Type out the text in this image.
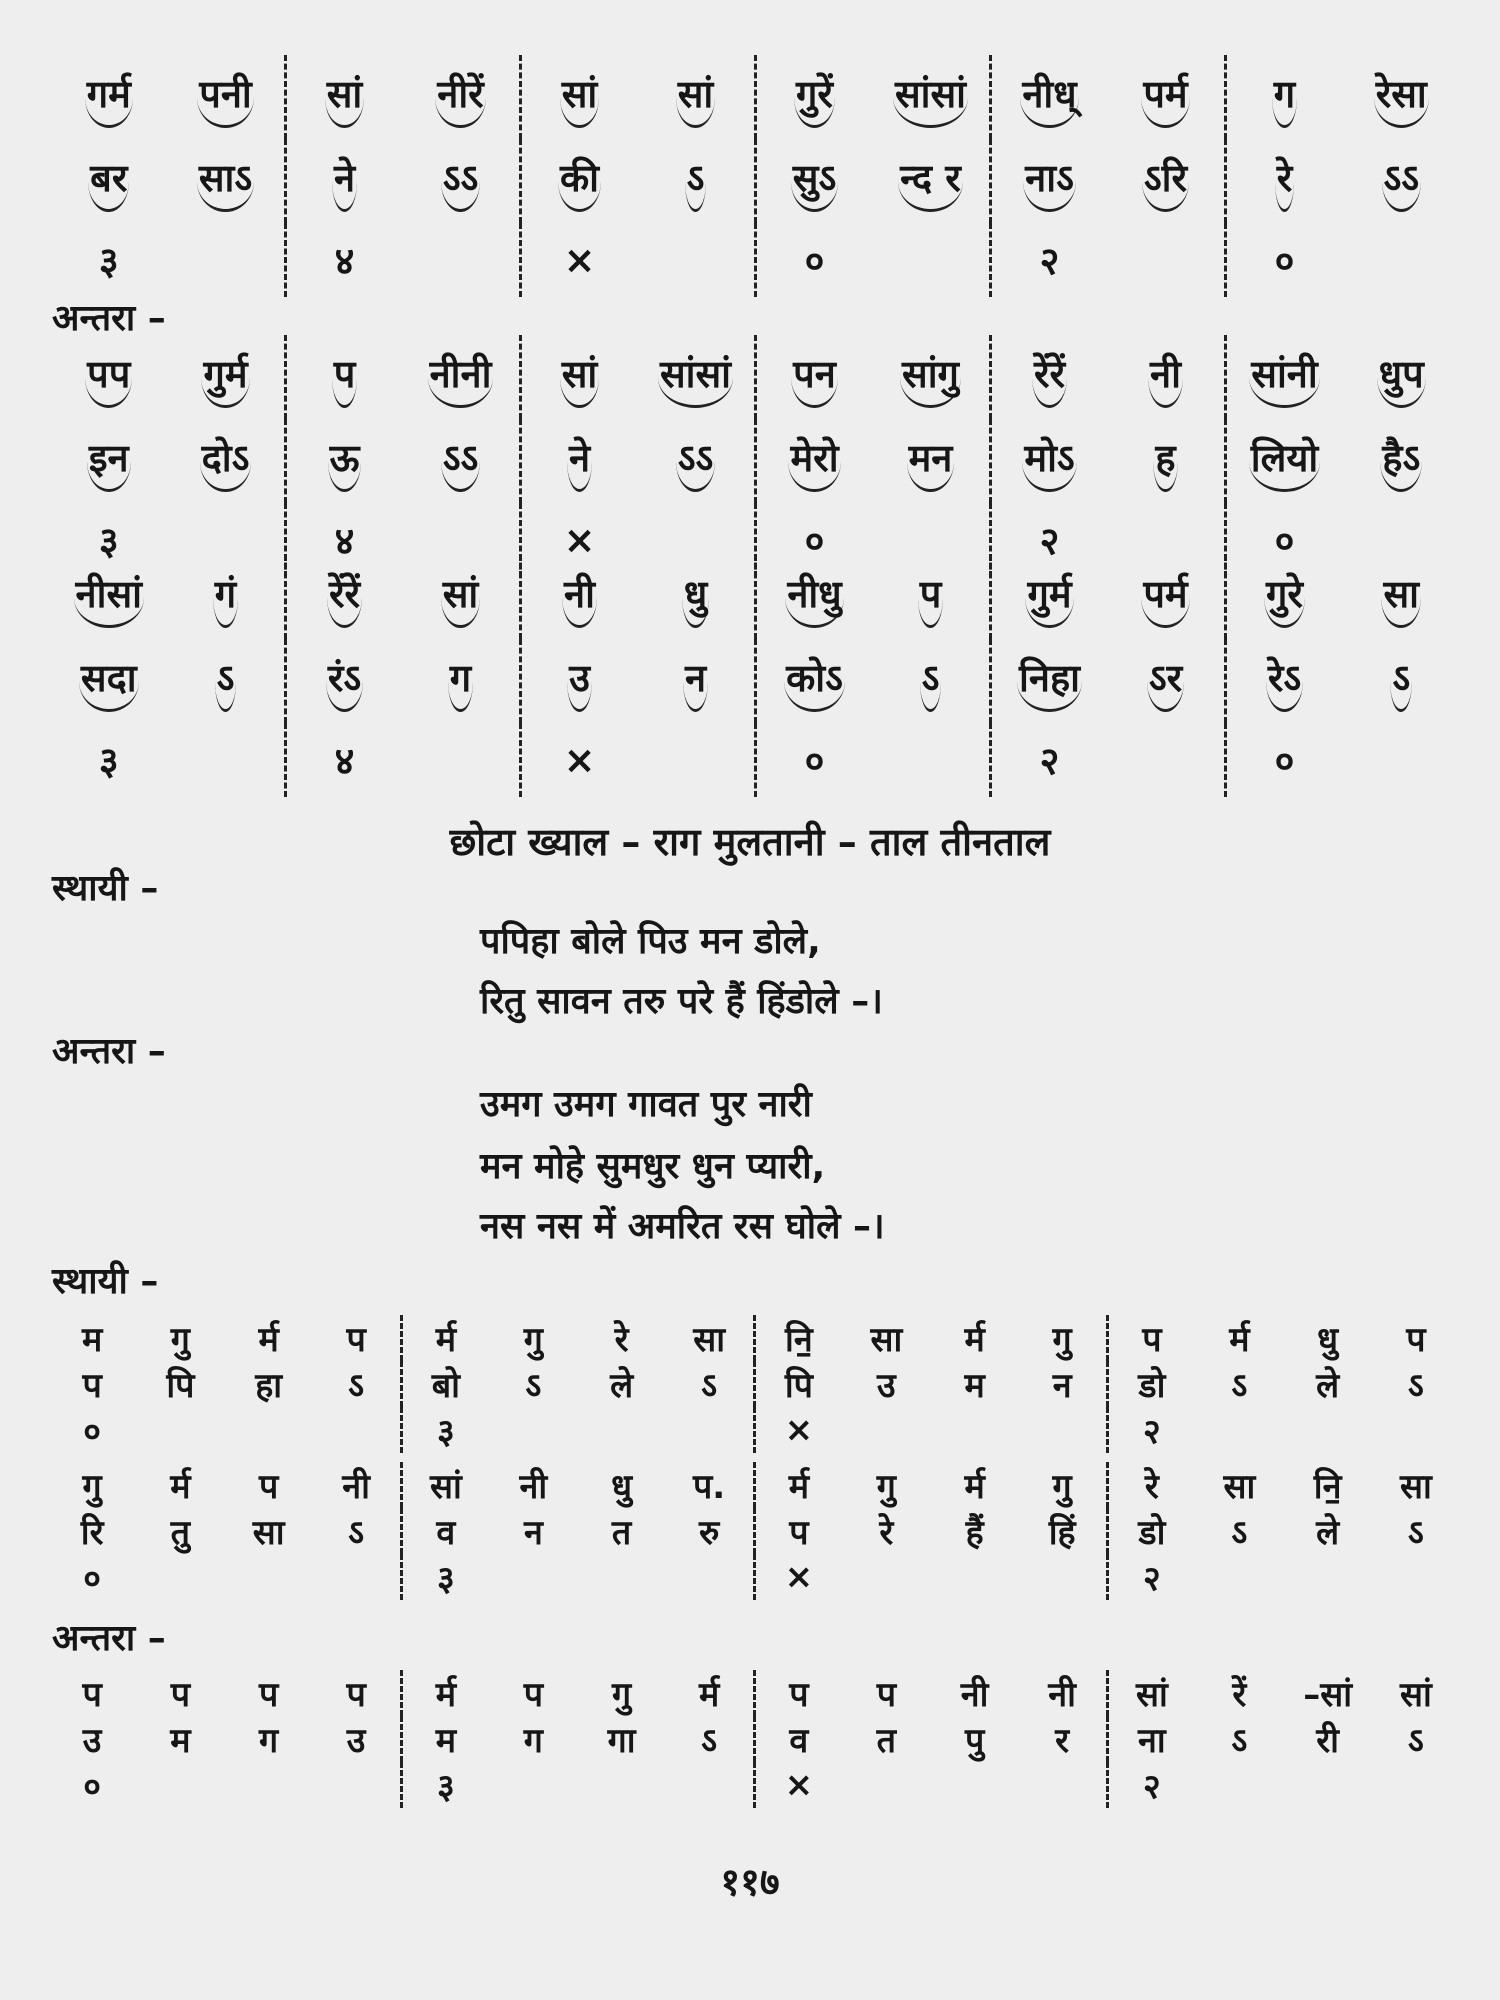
गर्म	पनी	सां	नीरें	सां	सां	गुरें	सांसां	नीध्	पर्म	ग	रेसा
बर	साऽ	ने	ऽऽ	की	ऽ	सुऽ	न्द र	नाऽ	ऽरि	रे	ऽऽ
३		४		×		०		२		०	
अन्तरा –
पप	गुर्म	प	नीनी	सां	सांसां	पन	सांगु	रेंरें	नी	सांनी	धुप
इन	दोऽ	ऊ	ऽऽ	ने	ऽऽ	मेरो	मन	मोऽ	ह	लियो	हैऽ
३		४		×		०		२		०	
नीसां	गं	रेंरें	सां	नी	धु	नीधु	प	गुर्म	पर्म	गुरे	सा
सदा	ऽ	रंऽ	ग	उ	न	कोऽ	ऽ	निहा	ऽर	रेऽ	ऽ
३		४		×		०		२		०	
छोटा ख्याल – राग मुलतानी – ताल तीनताल
स्थायी –
पपिहा बोले पिउ मन डोले,
रितु सावन तरु परे हैं हिंडोले –।
अन्तरा –
उमग उमग गावत पुर नारी
मन मोहे सुमधुर धुन प्यारी,
नस नस में अमरित रस घोले –।
स्थायी –
म	गु	र्म	प	र्म	गु	रे	सा	नि॒	सा	र्म	गु	प	र्म	धु	प
प	पि	हा	ऽ	बो	ऽ	ले	ऽ	पि	उ	म	न	डो	ऽ	ले	ऽ
०				३				×				२			
गु	र्म	प	नी	सां	नी	धु	प.	र्म	गु	र्म	गु	रे	सा	नि॒	सा
रि	तु	सा	ऽ	व	न	त	रु	प	रे	हैं	हिं	डो	ऽ	ले	ऽ
०				३				×				२			
अन्तरा –
प	प	प	प	र्म	प	गु	र्म	प	प	नी	नी	सां	रें	–सां	सां
उ	म	ग	उ	म	ग	गा	ऽ	व	त	पु	र	ना	ऽ	री	ऽ
०				३				×				२			
११७
